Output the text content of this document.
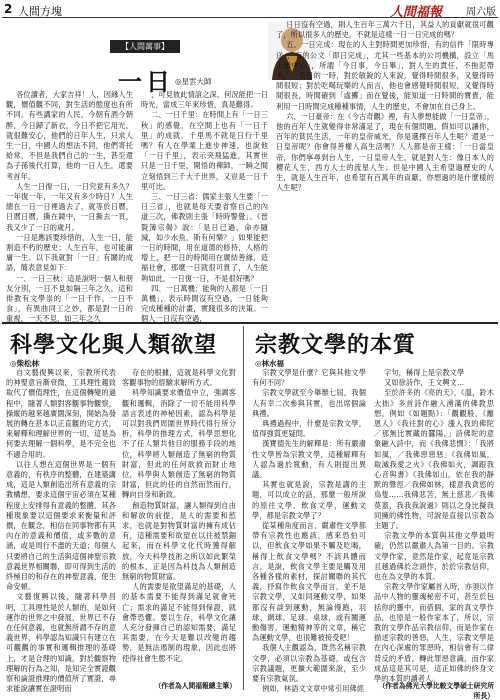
2 人間方塊	人間福報 周六版
【人間萬事】
一日 ◎星雲大師

各位讀者，大家吉祥！人，因緣人生觀，價值觀不同，對生活的態度也有所不同。有些講家的人民，今朝有酒今朝醉，今日歸了新衣，今日不把它用光，就很難安心，他們的日年人生，只求人生一日，中國人的想法不同，他們寄托給常，不但是我們自己的一生，甚至還為子孫後代打算，他的一日人生，還要考首年。

人生一日復一日，一日究竟有多久？一年復一年，一年又有多少時日？人生總在一日一日裡過去了，就等於日曆，日曆日曆，撕在鏡中，一日撕去一頁，我又少了一日的歲月。

一日是應該要珍惜的，人生一日，能割造不朽的歷史；人生百年，也可能庸庸一生。以下我就對「一日」有關的成語，簡表意見如下：

一、一日三秋：這是說明一個人和朋友分別，一日不見如隔三年之久，這和俳教有文學崇的「一日千作，一日不食」，有異曲同工之妙，都是對一日的重視，一天不見，如三年之久

，可見彼此情誼之深，何況能把一日時光，當成三年來珍惜，真是難得。

二、一日千里：在時間上有「一日三秋」的感覺，在空間上也有「一日千里」的成就。千里馬不就是日行千里嗎？有人在學業上進步神速，也說他「一日千里」，表示突飛猛進，其實世只是一日千里，開悟的禪師，一瞬之間立刻悟到三千大千世界，又豈是一日千里可比。

三、一日三省：儒家主張人生要「一日三省」，也就是每天要省察自己的內道三次，佛教則主張「時時警覺」。《晉賢簿宗偈》說：「是日已過，命亦隨減，如少水魚，斯有何樂？」如果能把一日的時間，用在道德的修持，人格的增上，把一日的時間用在廣結善緣，造福社會，那麼一日就很可貴了，人生能夠如此，一日復一日，不是很好嗎？

四、一日萬機：能夠的人都是「一日萬機」，表示時間沒有空過，一日能夠完成種種的計畫，實踐很多的決策。一個人一日沒有空過，

日日沒有空過，則人生百年三萬六千日，其益人的貢獻就很可觀了，所以很多人的歷史，不就是這樣一日一日完成的嗎？

五、一日完成：現在的人主對時間更加珍惜，有的信件「限時專送」，有的公文「即日完成」，尤其一些基本的公司機構，設立「馬上辦中心」，所謂「今日事，今日畢」，對人生的責任，不拖泥帶水，一天日的一時，對於敏銳的人來說，覺得時間很多，又覺得時間很短；對於吃喝玩樂的人而言，他也會感覺時間很短，又覺得時間很長，時間確到「虛擲」而在覺後，能知道一日時間的寶貴，能利用一日時間完成種種事情，人生的歷史，不會加在自己身上。

六、一日豪帝：在《今古奇觀》裡，有人夢想能做「一日皇帝」，他的百年人生就變得非常滿足了，現在有個問題，假如可以讓你，百年的貧民生活，一年的皇帝威光，你是選擇百年人生呢？還是一日皇帝呢？你會得善權人高生活嗎？人人都是帝王樣：「一日當皇帝，你們寧尋到台人生，一日皇帝人生，就是對人生：像日本人的櫻花人生，西方人士的流星人生；但是中國人主希望過歷史的人生，就是人生百年，也希望有百萬年的貢獻，你想過的是什麼樣的人生呢？

科學文化與人類欲望
◎柴松林

自文藝復興以來，宗教所代表的神聖意旨漸衰微，工具理性趨致取代了價值理性，在這個轉變的過程中，隨著人類對客觀事物觀察，操縱的越來越廣闊深刻，開始為發展的轉在甚本以正直觀的定方式，來解釋和理解世界的一切，這是為何要去理解一個科學，是不完全也不適合用的。

以往人想在這個世界是一個有意義的，有秩序的整體，在建築講成，這是人類創造出所有意義的宗教構想，要求這個宇宙必須在某種程度上安排得有意義的整體，其各種現象要以這個要求來衡量和評價，在觀念，相信在同事物都有其內在的意義和價值，或多數的意涵，或是周行不盡的天道；每個人只要將自己的生活與這個神聖宗教意義世界相關聯，即可得到生活的終極目的和存在的神聖意義，使生命安頓。

文藝復興以後，隨著科學昌明，工具理性是於人類的，是如何運作的世界之中發展，世界已不存在任何意義，也就無所謂不存的意義世界，科學認為知識只有建立在可觀觀的事實和邏輯推理的基礎上，才是合理的知識，對於觀察物理解的行為之知，是知完全實證觀察和論證推理的價值所了實證，尋求能說讓實在證明而

存在的根據，這就是科學文化對客觀事物的經驗求解所方式。

科學知識要求價值中立，強調客觀和邏輯，消除了一切不能用科學語言表述的神秘因素，認為科學是可以對我們周圍世界時代得行所分析，科學的推理方式，科學思想化不了任人類共他目的服務手段的地位，科學將人類創造了無窮的物質財富，但此的任何欲救而財止地位，科學與人類創造了無窮的物質財富，但此的任的自然而然而行，轉向自身和新致。

創造物質財富，讓人類得到自由和解放的前提，是人的需要和慾求，也就是對物質財富的擁有成佔有，這種需要和欲望在以往被禁錮起來，而在科學文化代時獲得解放，今天科學技術之所以如此繁榮的根本，正是因為科技為人類創造無窮的物質財富。

人的需要是欲望滿足的基礎，人的基本需要不能得到滿足就會死亡；需求的滿足不能得到保證，就會帶恐懼。要以生存，科學文化讓人充分發揮自己的認知需要，滿足其需要，在今天是難以改變的趨勢，是無法遏制的現象，因此也將使得社會生態不定。

（作者為人間福報總主筆）
宗教文學的本質
◎林水福

宗教文學是什麼？它與其他文學有何不同？

宗教文學就至今舉辦七屆，我個人有幸二次參與其實，也出席個論典禮。

典禮過程中，什麼是宗教文學，值得強質更疑問。

漢寶德先生的解釋是：所有嚴肅性文學皆為宗教文學，這種解釋有人認為過於寬動，有人則提出異議。

其實也就是說，宗教是講的主題，可以成立的話，那麼一般所說的原往文學、飲食文學，運動文學，都是宗教文學了？

從某種角度而言，嚴肅性文學都帶有宗教性也應該，感來恐怕可以，但飲食文學如果不觸及吃喝，稱得上飲食文學嗎？不該具體而言，是說，飲食文學主要是觸及用各種各樣的素材，探討關聯的其代義，抒寫作飲食文學而言，並不是宗教文學，又如同運動文學，如果都沒有談到運動，無論慢跑，羽球、網球、足球、桌球，或有關運動傷害，運動精神等的文章，稱它為運動文學，也很難被接受吧！

我個人主觀認為，既然名稱宗教文學，必須以宗教為基礎，或包含宗教議題，更擴大範圍來說，至少要有宗教氣氛。

例如，林語文文章中常引用佛經

字句，稱得上是宗教文學

又如徐詩作，王文興文...

至於許多的《亮的天》，《溫，鈴木大拙》多首詩作融入湧滿的佛教思想，例如《如題點》：「觀觀般，《離恩人》《我往對的心》漲入我的佛陀／那無比實藏的蠶陽，」詩佛陀的意象融入詩中，而《我佛悲憫》：「我將如風，／我佛惡惡惡」《我佛如風，取滅我愛之火》《我佛如火，調跟我心音與書》《我佛如山，依在我的靜默的聲徑／我佛如林，樣意我貪慾的鳥隻……我佛悲苦，無上慈悲／我佛莫蓋，我我我說過》則以之身比擬我同擁的佛性物，可說是直接以宗教為主題了。

宗教文學的本質與其他文學最明確，仍然以嚴肅人為第一目的。宗教文學作家，竟然是作家，起竟是宗教且越過佛於念頭作，於於宗教信仰，也在為文學的本質。

宗教文學作家屬首入時，亦須以作品中人物的靈魂秘密不可，甚至於包括你的靈中，而借個，家的真文學作品，也原是一般作家本了，所以，宗教的文學作品宗教信仰，而是作家在描述宗教的善惡，人生，宗教文學是在內心深處的罪惡時，相信會有二律背反的矛盾，轉此罪惡意識，而作家成品這是其可是，這正如佛的終身文學的本質的讀者人。

（作者為佛光大學比較文學碩士研究所所長）
